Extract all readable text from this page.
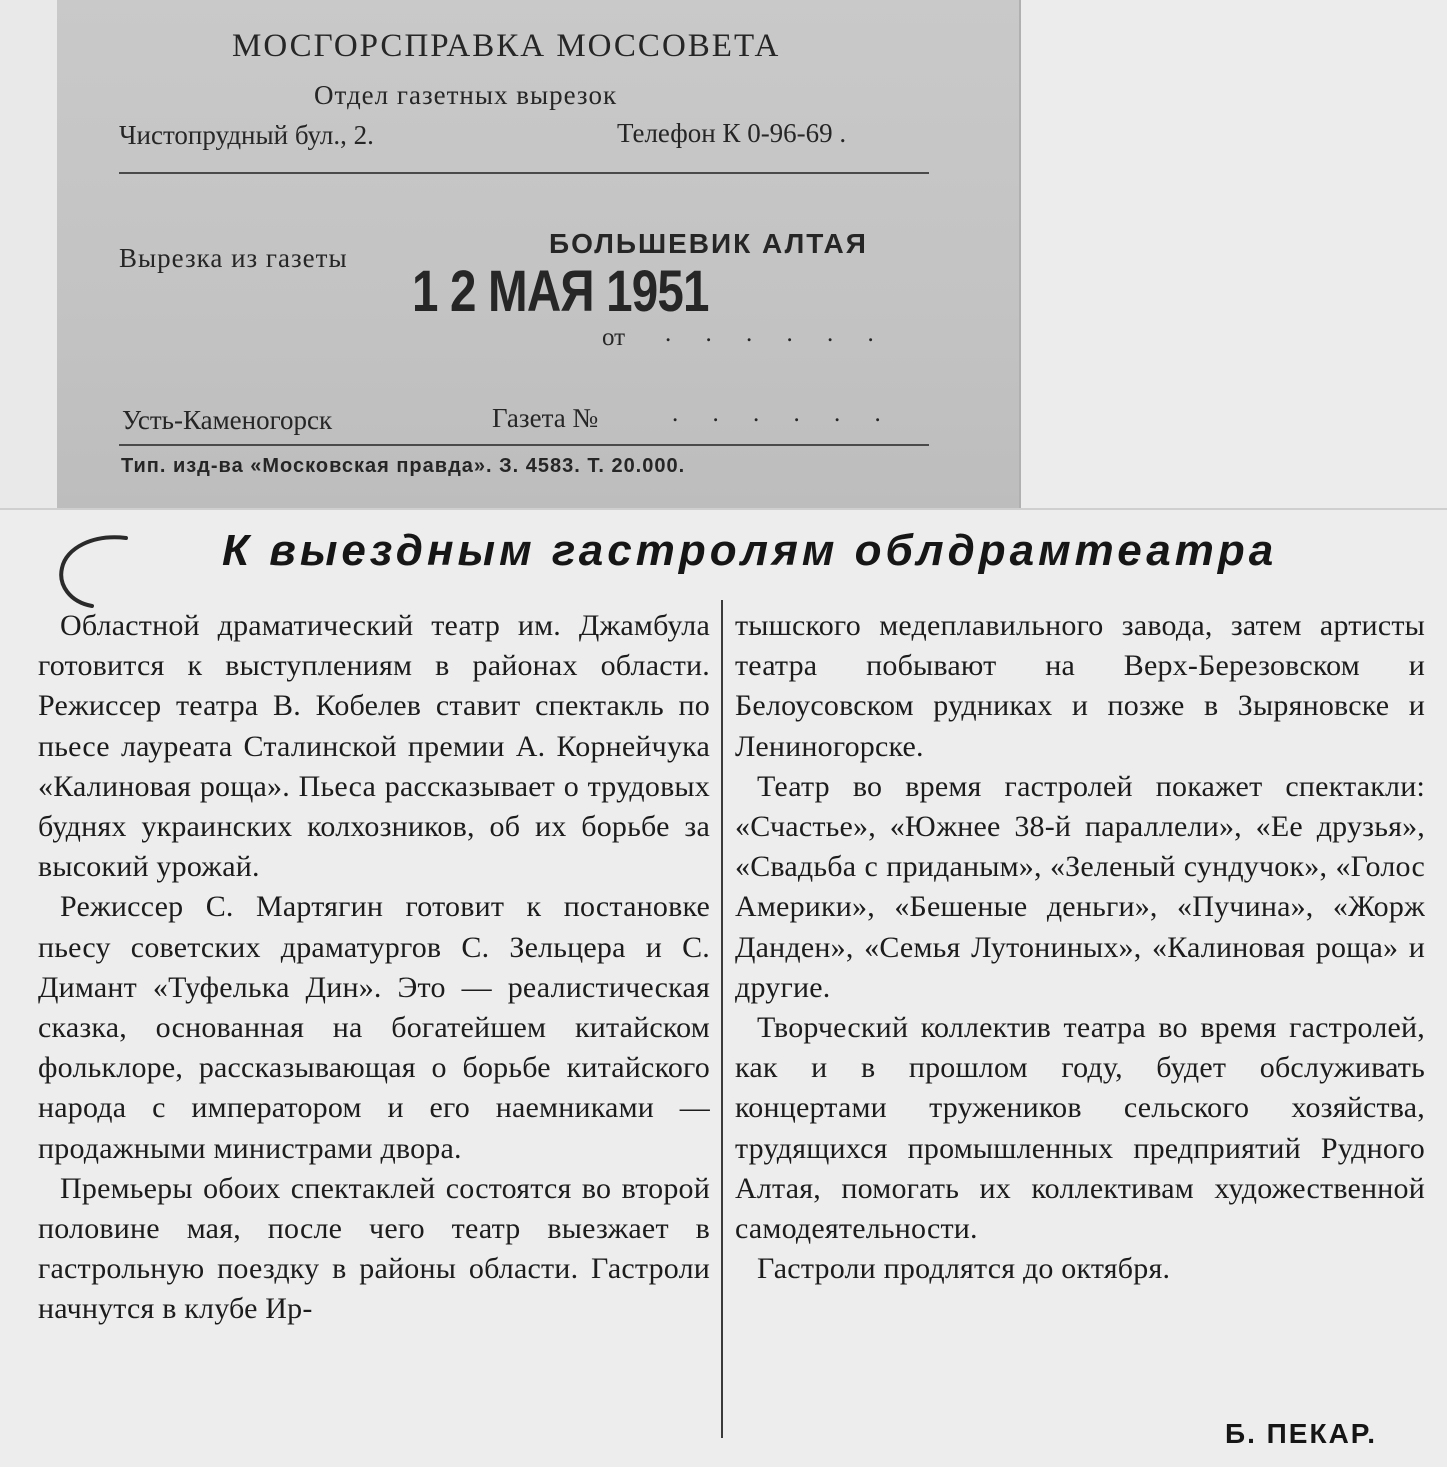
МОСГОРСПРАВКА МОССОВЕТА
Отдел газетных вырезок
Чистопрудный бул., 2.	Телефон К 0-96-69 .
Вырезка из газеты	БОЛЬШЕВИК АЛТАЯ
1 2 МАЯ 1951
от . . . . . .
Усть-Каменогорск	Газета №	. . . . . .
Тип. изд-ва «Московская правда». З. 4583. Т. 20.000.
К выездным гастролям облдрамтеатра

Областной драматический театр им. Джамбула готовится к выступлениям в районах области. Режиссер театра В. Кобелев ставит спектакль по пьесе лауреата Сталинской премии А. Корнейчука «Калиновая роща». Пьеса рассказывает о трудовых буднях украинских колхозников, об их борьбе за высокий урожай.

Режиссер С. Мартягин готовит к постановке пьесу советских драматургов С. Зельцера и С. Димант «Туфелька Дин». Это — реалистическая сказка, основанная на богатейшем китайском фольклоре, рассказывающая о борьбе китайского народа с императором и его наемниками — продажными министрами двора.

Премьеры обоих спектаклей состоятся во второй половине мая, после чего театр выезжает в гастрольную поездку в районы области. Гастроли начнутся в клубе Ир-

тышского медеплавильного завода, затем артисты театра побывают на Верх-Березовском и Белоусовском рудниках и позже в Зыряновске и Лениногорске.

Театр во время гастролей покажет спектакли: «Счастье», «Южнее 38-й параллели», «Ее друзья», «Свадьба с приданым», «Зеленый сундучок», «Голос Америки», «Бешеные деньги», «Пучина», «Жорж Данден», «Семья Лутониных», «Калиновая роща» и другие.

Творческий коллектив театра во время гастролей, как и в прошлом году, будет обслуживать концертами тружеников сельского хозяйства, трудящихся промышленных предприятий Рудного Алтая, помогать их коллективам художественной самодеятельности.

Гастроли продлятся до октября.

Б. ПЕКАР.
